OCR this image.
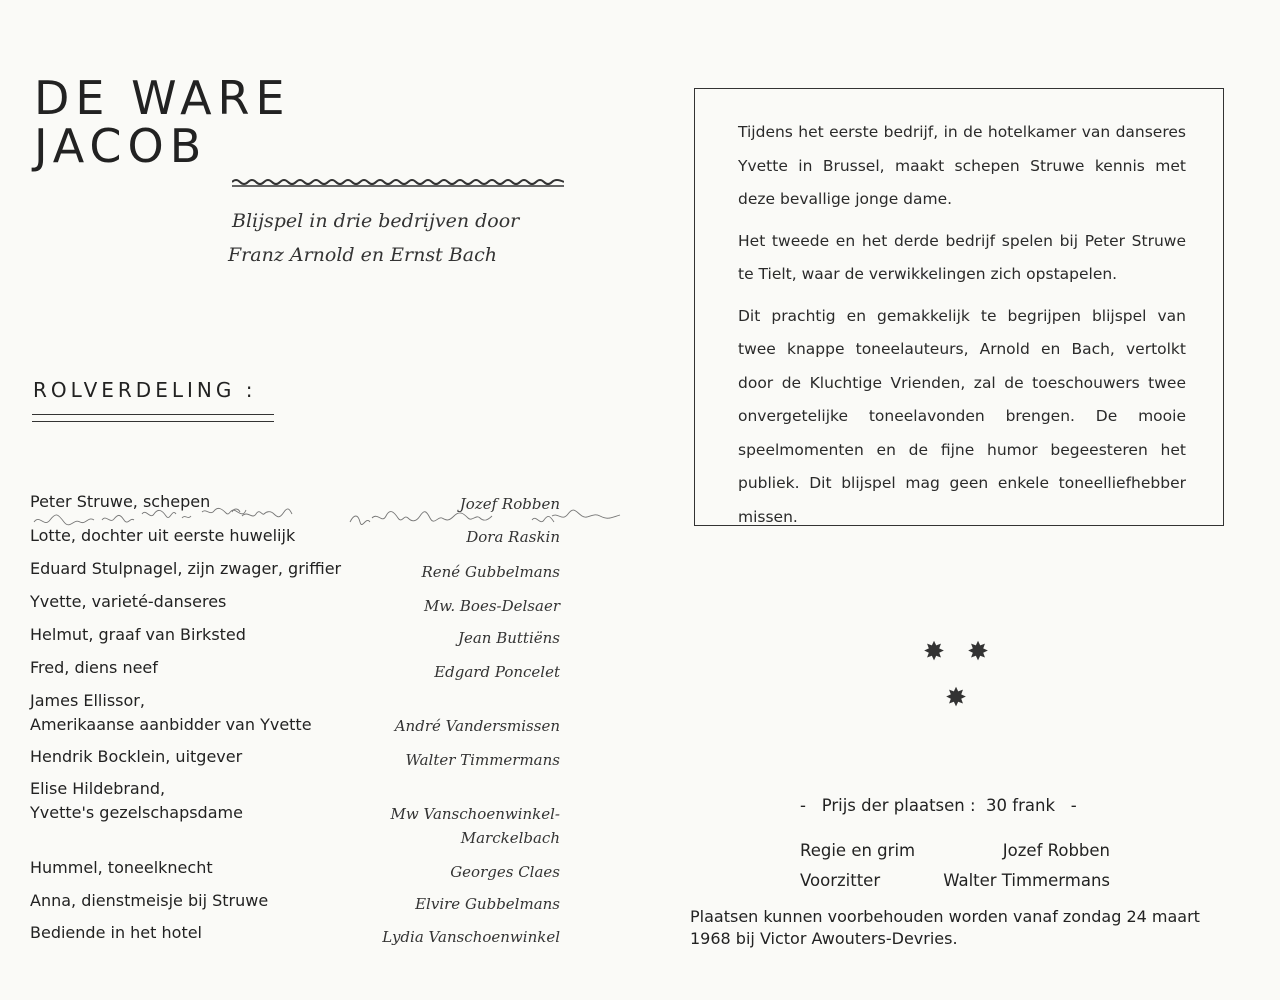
DE WARE
JACOB
Blijspel in drie bedrijven door
Franz Arnold en Ernst Bach
ROLVERDELING :
Peter Struwe, schepen	Jozef Robben
Lotte, dochter uit eerste huwelijk	Dora Raskin
Eduard Stulpnagel, zijn zwager, griffier	René Gubbelmans
Yvette, varieté-danseres	Mw. Boes-Delsaer
Helmut, graaf van Birksted	Jean Buttiëns
Fred, diens neef	Edgard Poncelet
James Ellissor,
Amerikaanse aanbidder van Yvette	André Vandersmissen
Hendrik Bocklein, uitgever	Walter Timmermans
Elise Hildebrand,
Yvette's gezelschapsdame	Mw Vanschoenwinkel-
Marckelbach
Hummel, toneelknecht	Georges Claes
Anna, dienstmeisje bij Struwe	Elvire Gubbelmans
Bediende in het hotel	Lydia Vanschoenwinkel

Tijdens het eerste bedrijf, in de hotelkamer van danseres Yvette in Brussel, maakt schepen Struwe kennis met deze bevallige jonge dame.

Het tweede en het derde bedrijf spelen bij Peter Struwe te Tielt, waar de verwikkelingen zich opstapelen.

Dit prachtig en gemakkelijk te begrijpen blijspel van twee knappe toneelauteurs, Arnold en Bach, vertolkt door de Kluchtige Vrienden, zal de toeschouwers twee onvergetelijke toneelavonden brengen. De mooie speelmomenten en de fijne humor begeesteren het publiek. Dit blijspel mag geen enkele toneelliefhebber missen.

✸ ✸
✸
-   Prijs der plaatsen :  30 frank   -
Regie en grim	Jozef Robben
Voorzitter	Walter Timmermans
Plaatsen kunnen voorbehouden worden vanaf zondag 24 maart 1968 bij Victor Awouters-Devries.
